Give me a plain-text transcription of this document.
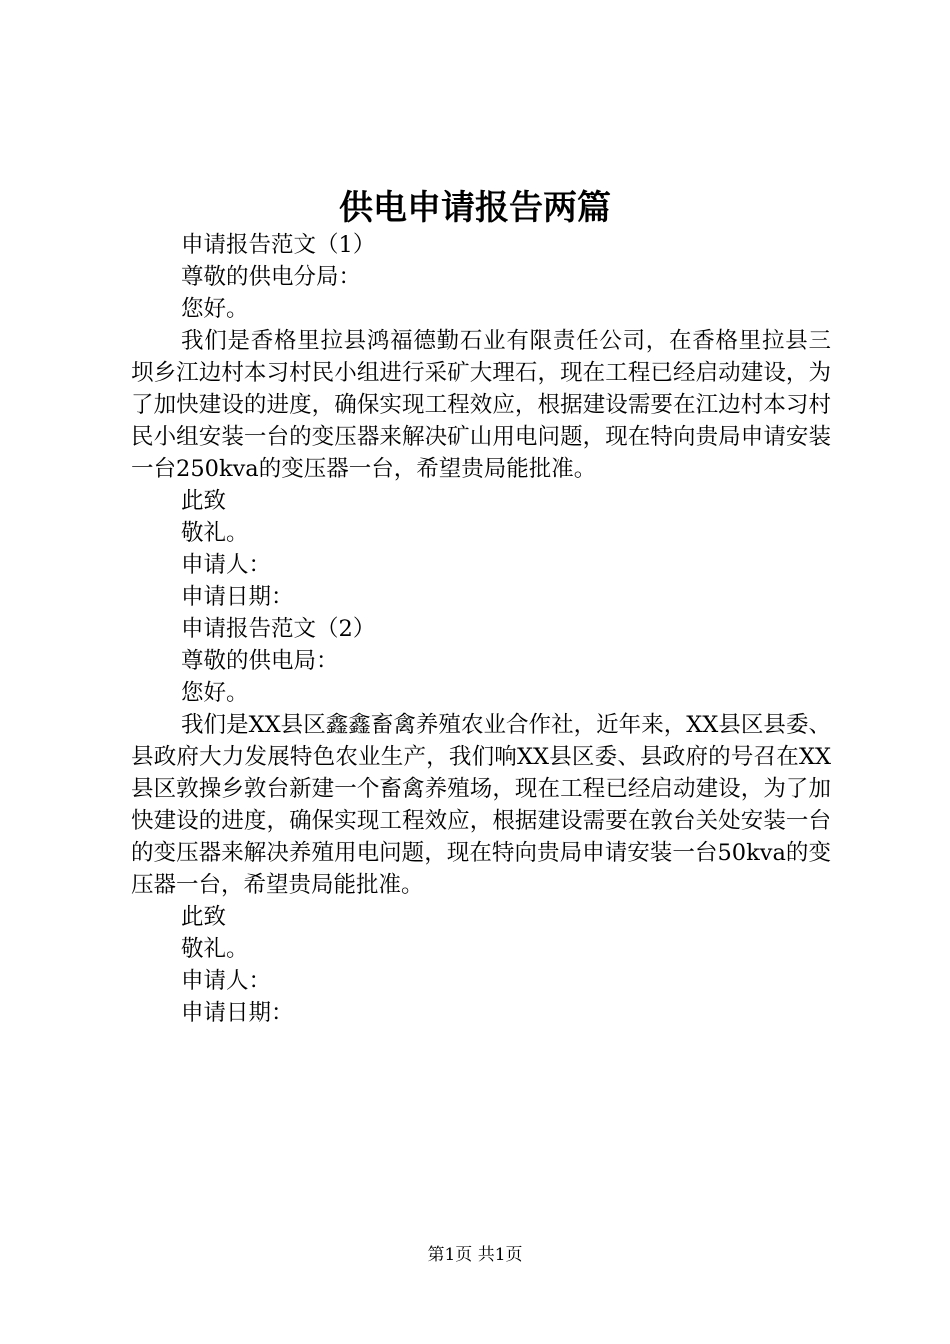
供电申请报告两篇
申请报告范文（1）
尊敬的供电分局：
您好。

我们是香格里拉县鸿福德勤石业有限责任公司，在香格里拉县三坝乡江边村本习村民小组进行采矿大理石，现在工程已经启动建设，为了加快建设的进度，确保实现工程效应，根据建设需要在江边村本习村民小组安装一台的变压器来解决矿山用电问题，现在特向贵局申请安装一台250kva的变压器一台，希望贵局能批准。

此致
敬礼。
申请人：
申请日期：
申请报告范文（2）
尊敬的供电局：
您好。

我们是XX县区鑫鑫畜禽养殖农业合作社，近年来，XX县区县委、县政府大力发展特色农业生产，我们响XX县区委、县政府的号召在XX县区敦操乡敦台新建一个畜禽养殖场，现在工程已经启动建设，为了加快建设的进度，确保实现工程效应，根据建设需要在敦台关处安装一台的变压器来解决养殖用电问题，现在特向贵局申请安装一台50kva的变压器一台，希望贵局能批准。

此致
敬礼。
申请人：
申请日期：
第1页 共1页
